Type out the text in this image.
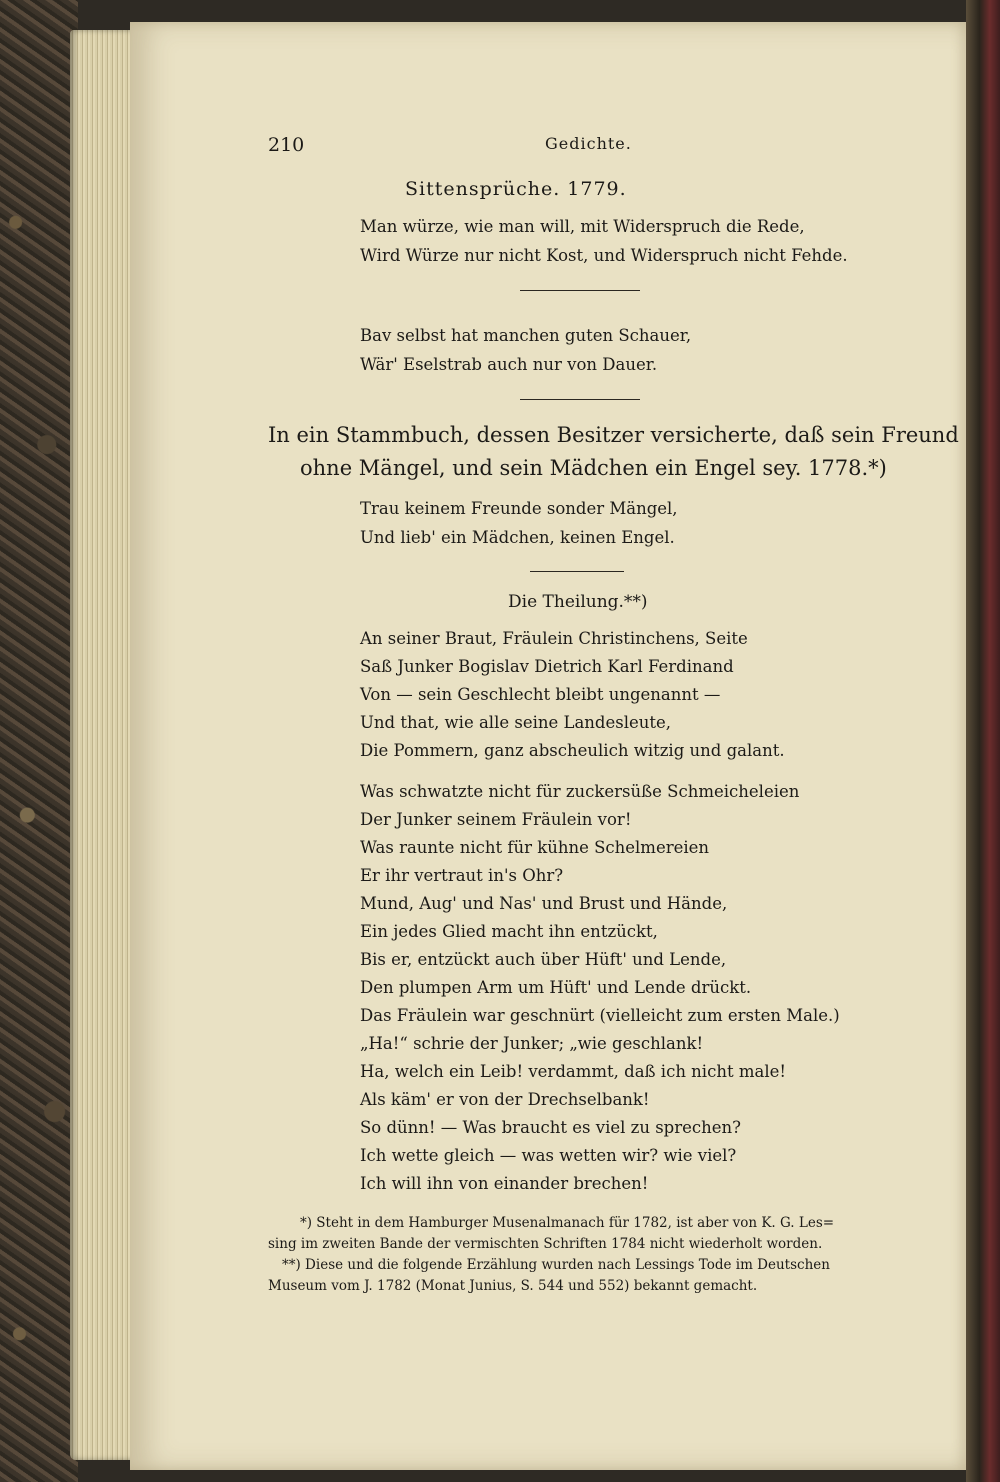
210	Gedichte.
Sittensprüche. 1779.
Man würze, wie man will, mit Widerspruch die Rede,
Wird Würze nur nicht Kost, und Widerspruch nicht Fehde.
Bav selbst hat manchen guten Schauer,
Wär' Eselstrab auch nur von Dauer.
In ein Stammbuch, dessen Besitzer versicherte, daß sein Freund
ohne Mängel, und sein Mädchen ein Engel sey. 1778.*)
Trau keinem Freunde sonder Mängel,
Und lieb' ein Mädchen, keinen Engel.
Die Theilung.**)
An seiner Braut, Fräulein Christinchens, Seite
Saß Junker Bogislav Dietrich Karl Ferdinand
Von — sein Geschlecht bleibt ungenannt —
Und that, wie alle seine Landesleute,
Die Pommern, ganz abscheulich witzig und galant.
Was schwatzte nicht für zuckersüße Schmeicheleien
Der Junker seinem Fräulein vor!
Was raunte nicht für kühne Schelmereien
Er ihr vertraut in's Ohr?
Mund, Aug' und Nas' und Brust und Hände,
Ein jedes Glied macht ihn entzückt,
Bis er, entzückt auch über Hüft' und Lende,
Den plumpen Arm um Hüft' und Lende drückt.
Das Fräulein war geschnürt (vielleicht zum ersten Male.)
„Ha!“ schrie der Junker; „wie geschlank!
Ha, welch ein Leib! verdammt, daß ich nicht male!
Als käm' er von der Drechselbank!
So dünn! — Was braucht es viel zu sprechen?
Ich wette gleich — was wetten wir? wie viel?
Ich will ihn von einander brechen!
*) Steht in dem Hamburger Musenalmanach für 1782, ist aber von K. G. Les=
sing im zweiten Bande der vermischten Schriften 1784 nicht wiederholt worden.
**) Diese und die folgende Erzählung wurden nach Lessings Tode im Deutschen
Museum vom J. 1782 (Monat Junius, S. 544 und 552) bekannt gemacht.
